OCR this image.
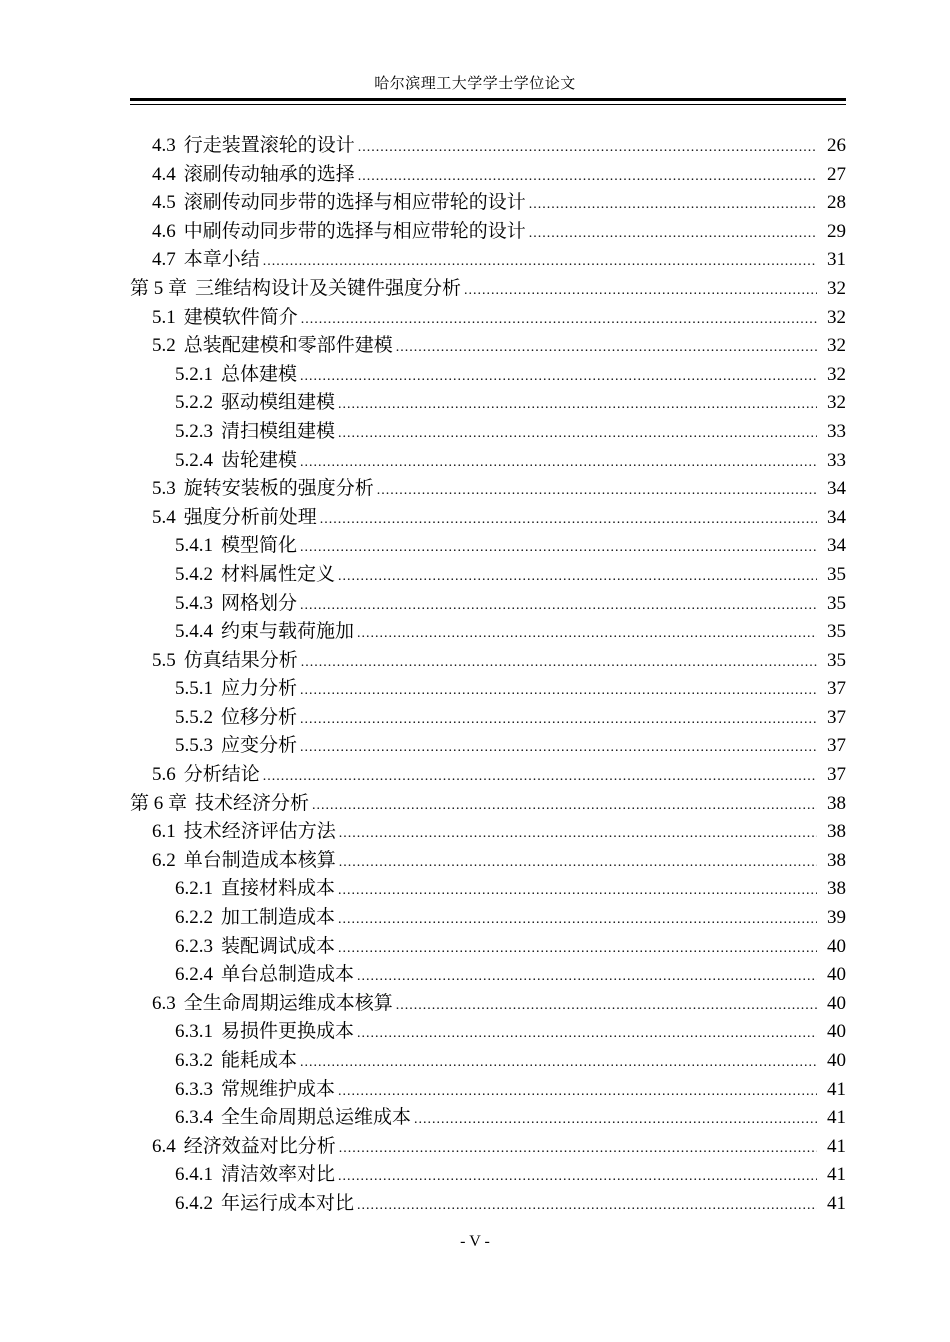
哈尔滨理工大学学士学位论文
4.3 行走装置滚轮的设计 .....	26
4.4 滚刷传动轴承的选择 .....	27
4.5 滚刷传动同步带的选择与相应带轮的设计 .....	28
4.6 中刷传动同步带的选择与相应带轮的设计 .....	29
4.7 本章小结 .....	31
第 5 章 三维结构设计及关键件强度分析 .....	32
5.1 建模软件简介 .....	32
5.2 总装配建模和零部件建模 .....	32
5.2.1 总体建模 .....	32
5.2.2 驱动模组建模 .....	32
5.2.3 清扫模组建模 .....	33
5.2.4 齿轮建模 .....	33
5.3 旋转安装板的强度分析 .....	34
5.4 强度分析前处理 .....	34
5.4.1 模型简化 .....	34
5.4.2 材料属性定义 .....	35
5.4.3 网格划分 .....	35
5.4.4 约束与载荷施加 .....	35
5.5 仿真结果分析 .....	35
5.5.1 应力分析 .....	37
5.5.2 位移分析 .....	37
5.5.3 应变分析 .....	37
5.6 分析结论 .....	37
第 6 章 技术经济分析 .....	38
6.1 技术经济评估方法 .....	38
6.2 单台制造成本核算 .....	38
6.2.1 直接材料成本 .....	38
6.2.2 加工制造成本 .....	39
6.2.3 装配调试成本 .....	40
6.2.4 单台总制造成本 .....	40
6.3 全生命周期运维成本核算 .....	40
6.3.1 易损件更换成本 .....	40
6.3.2 能耗成本 .....	40
6.3.3 常规维护成本 .....	41
6.3.4 全生命周期总运维成本 .....	41
6.4 经济效益对比分析 .....	41
6.4.1 清洁效率对比 .....	41
6.4.2 年运行成本对比 .....	41
- V -
